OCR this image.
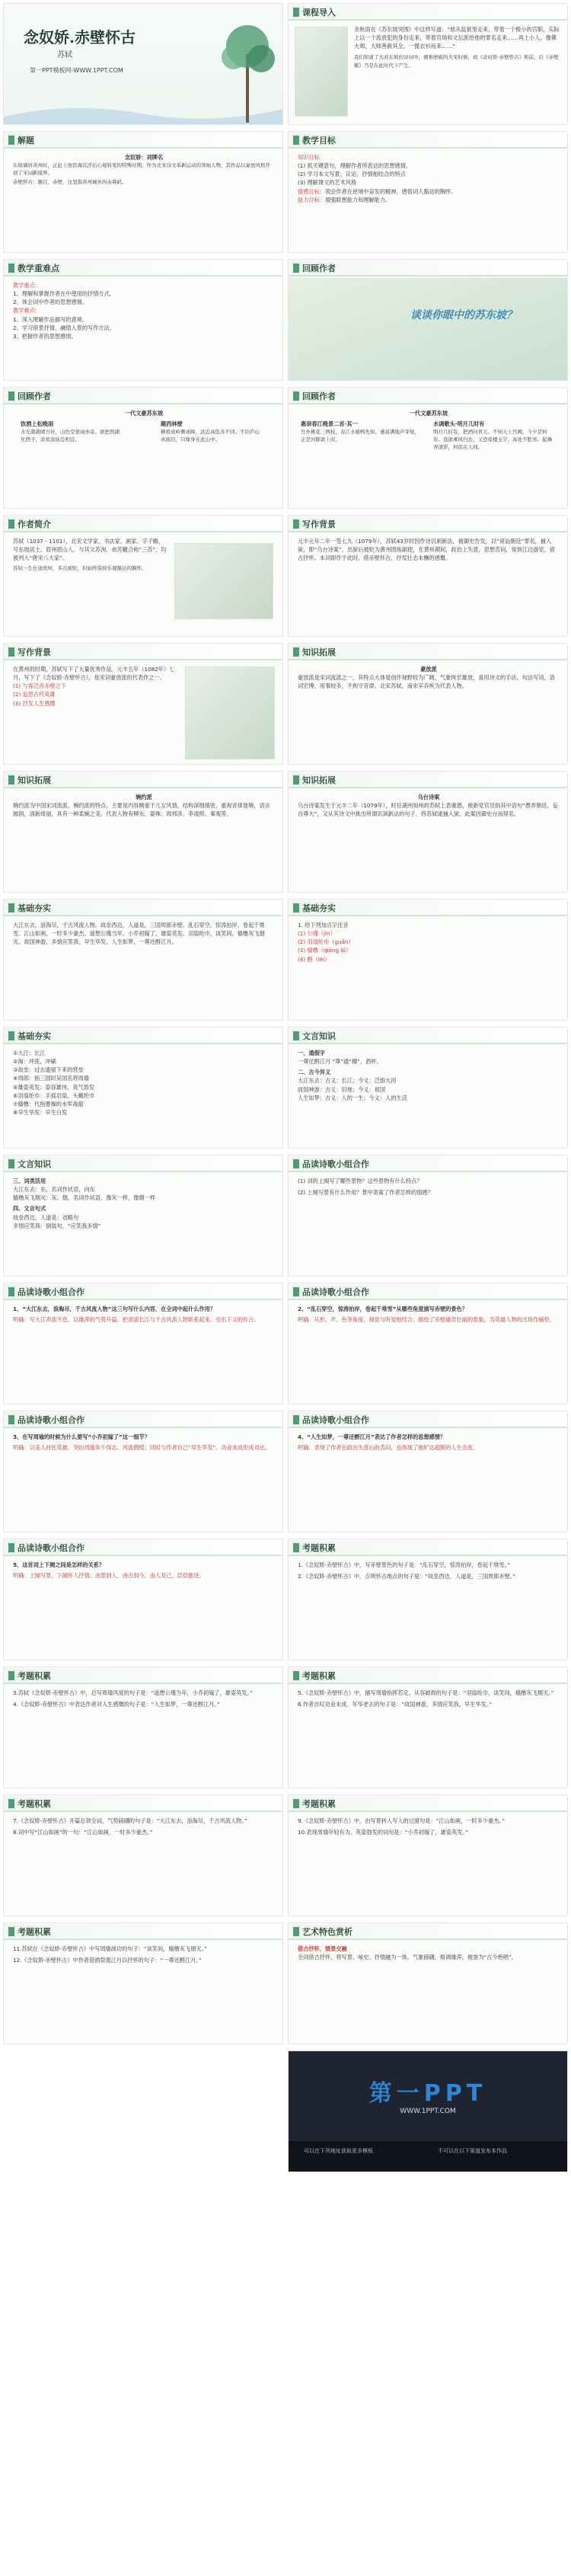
念奴娇.赤壁怀古
苏轼
第一PPT模板网-WWW.1PPT.COM
课程导入
余秋雨在《苏东坡突围》中这样写道：“他从监狱里走来，带着一个极小的官职，实际上以一个流放犯的身份走来，带着官场和文坛派给他的罪名走来……再上小人，像佛大师，大师善赦其全，一揽衣衫而来……”
我们知道了大苏东坡的诗词中，遇难磨砺的大宋时候，而《念奴娇·赤壁怀古》和前、后《赤壁赋》乃是在此时代下产生。
解题
念奴娇：词牌名
东坡谪居黄州时，正赶上他宦海沉浮后心境转变的特殊时期，作为北宋诗文革新运动的领袖人物，其作品以豪放风格开创了宋词新境界。
赤壁怀古：题目，赤壁，这里指黄州城外的赤鼻矶。
教学目标
知识目标
(1) 抓关键意句，理解作者所表达的思想感情。
(2) 学习本文写景、议论、抒情相结合的特点
(3) 理解课文的艺术风格
情感目标：领会作者在逆境中奋发的精神，感悟词人豁达的胸怀。
能力目标：增强联想能力和理解能力。
教学重难点
教学重点：
1、理解和掌握作者在中使用的抒情方式。
2、体会词中作者的思想感情。
教学难点：
1、深入理解作品描写的意境。
2、学习借景抒情、融情入景的写作方法。
3、把握作者的思想感情。
回顾作者
谈谈你眼中的苏东坡？
回顾作者
一代文豪苏东坡
饮酒上松晚雨
水光潋滟晴方好，山色空蒙雨亦奇。欲把西湖比西子，淡妆浓抹总相宜。
题西林壁
横看成岭侧成峰，远近高低各不同。不识庐山真面目，只缘身在此山中。
回顾作者
一代文豪苏东坡
惠崇春江晚景二首·其一
竹外桃花三两枝，春江水暖鸭先知。蒌蒿满地芦芽短，正是河豚欲上时。
水调歌头·明月几时有
明月几时有，把酒问青天。不知天上宫阙，今夕是何年。我欲乘风归去，又恐琼楼玉宇，高处不胜寒。起舞弄清影，何似在人间。
作者简介
苏轼（1037－1101），北宋文学家、书法家、画家。字子瞻，号东坡居士。眉州眉山人。与其父苏洵、弟苏辙合称“三苏”，均被列入“唐宋八大家”。
苏轼一生仕途坎坷，多次被贬，但始终保持乐观豁达的胸怀。
写作背景
元丰元年二年一签七九（1079年），苏轼43岁时因作诗讥刺新法，被御史告发，以“谤讪朝廷”罪名，捕入狱，即“乌台诗案”。出狱后被贬为黄州团练副使，在黄州期间，政治上失意，思想苦闷，常到江边游览，借古抒怀。本词即作于此时，借赤壁怀古，抒发壮志未酬的感慨。
写作背景
在黄州的时期，苏轼写下了大量优秀作品。元丰五年（1082年）七月，写下了《念奴娇·赤壁怀古》，是宋词豪放派的代表作之一。
(1) 与客泛舟赤壁之下
(2) 追思古代英雄
(3) 抒发人生感慨
知识拓展
豪放派
豪放派是宋词流派之一，其特点大体是创作视野较为广阔，气象恢宏雄放，喜用诗文的手法、句法写词，语词宏博，用事较多，不拘守音律。北宋苏轼、南宋辛弃疾为代表人物。
知识拓展
婉约派
婉约派为中国宋词流派，婉约派的特点，主要是内容侧重于儿女风情，结构深细缜密，重视音律谐婉，语言圆润，清新绮丽，具有一种柔婉之美。代表人物有柳永、晏殊、周邦彦、李清照、秦观等。
知识拓展
乌台诗案
乌台诗案发生于元丰二年（1079年），时任湖州知州的苏轼上表谢恩，被新党官员指其中语句“愚弄朝廷，妄自尊大”，又从其诗文中挑出所谓讥讽新法的句子，将苏轼逮捕入狱。此案因御史台而得名。
基础夯实
大江东去，浪淘尽，千古风流人物。故垒西边，人道是，三国周郎赤壁。乱石穿空，惊涛拍岸，卷起千堆雪。江山如画，一时多少豪杰。遥想公瑾当年，小乔初嫁了，雄姿英发。羽扇纶巾，谈笑间，樯橹灰飞烟灭。故国神游，多情应笑我，早生华发。人生如梦，一尊还酹江月。
基础夯实
1. 给下列加点字注音
(1) 公瑾（jǐn）
(2) 羽扇纶巾（guān）
(3) 樯橹（qiáng lǔ）
(4) 酹（lèi）
基础夯实
①大江：长江
②淘：冲洗，冲刷
③故垒：过去遗留下来的营垒
④周郎：指三国时吴国名将周瑜
⑤雄姿英发：姿容雄伟，英气勃发
⑥羽扇纶巾：手摇羽扇，头戴纶巾
⑦樯橹：代指曹操的水军战船
⑧早生华发：早生白发
文言知识
一、通假字
一尊还酹江月 “尊”通“樽”，酒杯。
二、古今异义
大江东去：古义：长江；今义：泛指大河
故国神游：古义：旧地；今义：祖国
人生如梦：古义：人的一生；今义：人的生活
文言知识
三、词类活用
大江东去：东，名词作状语，向东
樯橹灰飞烟灭：灰、烟，名词作状语，像灰一样，像烟一样
四、文言句式
故垒西边，人道是：省略句
多情应笑我：倒装句，“应笑我多情”
品读诗歌小组合作
(1) 词的上阕写了哪些景物？这些景物有什么特点？
(2) 上阕写景有什么作用？景中寄寓了作者怎样的情感？
品读诗歌小组合作
1、“大江东去，浪淘尽，千古风流人物”这三句写什么内容，在全词中起什么作用？
明确：写大江奔流不息，以雄浑的气势开篇，把滚滚长江与千古风流人物联系起来，引出下文的怀古。
品读诗歌小组合作
2、“乱石穿空，惊涛拍岸，卷起千堆雪”从哪些角度描写赤壁的景色？
明确：从形、声、色等角度，视觉与听觉相结合，描绘了赤壁雄奇壮丽的景象，为英雄人物的出场作铺垫。
品读诗歌小组合作
3、在写周瑜的时候为什么要写“小乔初嫁了”这一细节？
明确：以美人衬托英雄，突出周瑜年少得志、风流倜傥；同时与作者自己“早生华发”、功业未成形成对比。
品读诗歌小组合作
4、“人生如梦，一尊还酹江月”表达了作者怎样的思想感情？
明确：表现了作者在政治失意后的苦闷，也体现了他旷达超脱的人生态度。
品读诗歌小组合作
5、这首词上下阕之间是怎样的关系？
明确：上阕写景，下阕怀人抒情；由景到人，由古到今，由人及己，层层推进。
考题积累
1.《念奴娇·赤壁怀古》中，写赤壁景色的句子是：“乱石穿空，惊涛拍岸，卷起千堆雪。”
2.《念奴娇·赤壁怀古》中，点明怀古地点的句子是：“故垒西边，人道是，三国周郎赤壁。”
考题积累
3.苏轼《念奴娇·赤壁怀古》中，总写周瑜风度的句子是：“遥想公瑾当年，小乔初嫁了，雄姿英发。”
4.《念奴娇·赤壁怀古》中表达作者对人生感慨的句子是：“人生如梦，一尊还酹江月。”
考题积累
5.《念奴娇·赤壁怀古》中，描写周瑜指挥若定、从容破敌的句子是：“羽扇纶巾，谈笑间，樯橹灰飞烟灭。”
6.作者自叹功业未成、年华老去的句子是：“故国神游，多情应笑我，早生华发。”
考题积累
7.《念奴娇·赤壁怀古》开篇总领全词，气势磅礴的句子是：“大江东去，浪淘尽，千古风流人物。”
8.词中写“江山如画”的一句：“江山如画，一时多少豪杰。”
考题积累
9.《念奴娇·赤壁怀古》中，由写景转入写人的过渡句是：“江山如画，一时多少豪杰。”
10.表现周瑜年轻有为、英姿勃发的词句是：“小乔初嫁了，雄姿英发。”
考题积累
11.苏轼在《念奴娇·赤壁怀古》中写周瑜战功的句子：“谈笑间，樯橹灰飞烟灭。”
12.《念奴娇·赤壁怀古》中作者借酒祭奠江月以抒怀的句子：“一尊还酹江月。”
艺术特色赏析
借古抒怀，情景交融
全词借古抒怀，将写景、咏史、抒情融为一体，气象磅礴，格调雄浑，被誉为“古今绝唱”。
第一PPT
WWW.1PPT.COM
可以在下列地址获取更多模板	不可以在以下渠道发布本作品
